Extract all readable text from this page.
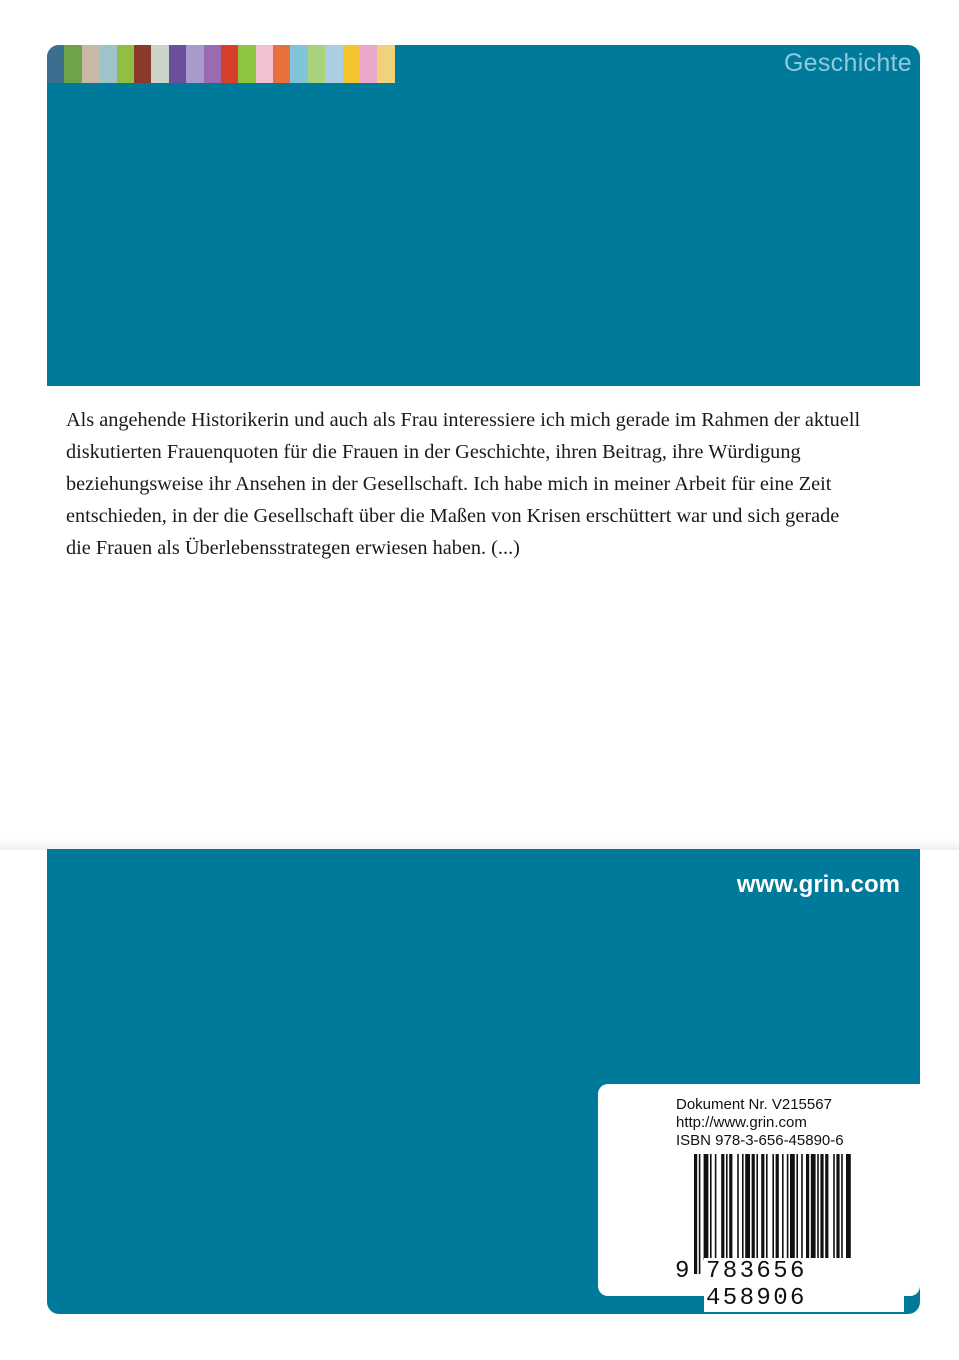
Geschichte

Als angehende Historikerin und auch als Frau interessiere ich mich gerade im Rahmen der aktuell diskutierten Frauenquoten für die Frauen in der Geschichte, ihren Beitrag, ihre Würdigung beziehungsweise ihr Ansehen in der Gesellschaft. Ich habe mich in meiner Arbeit für eine Zeit entschieden, in der die Gesellschaft über die Maßen von Krisen erschüttert war und sich gerade die Frauen als Überlebensstrategen erwiesen haben. (...)

www.grin.com
Dokument Nr. V215567
http://www.grin.com
ISBN 978-3-656-45890-6
9 783656 458906
